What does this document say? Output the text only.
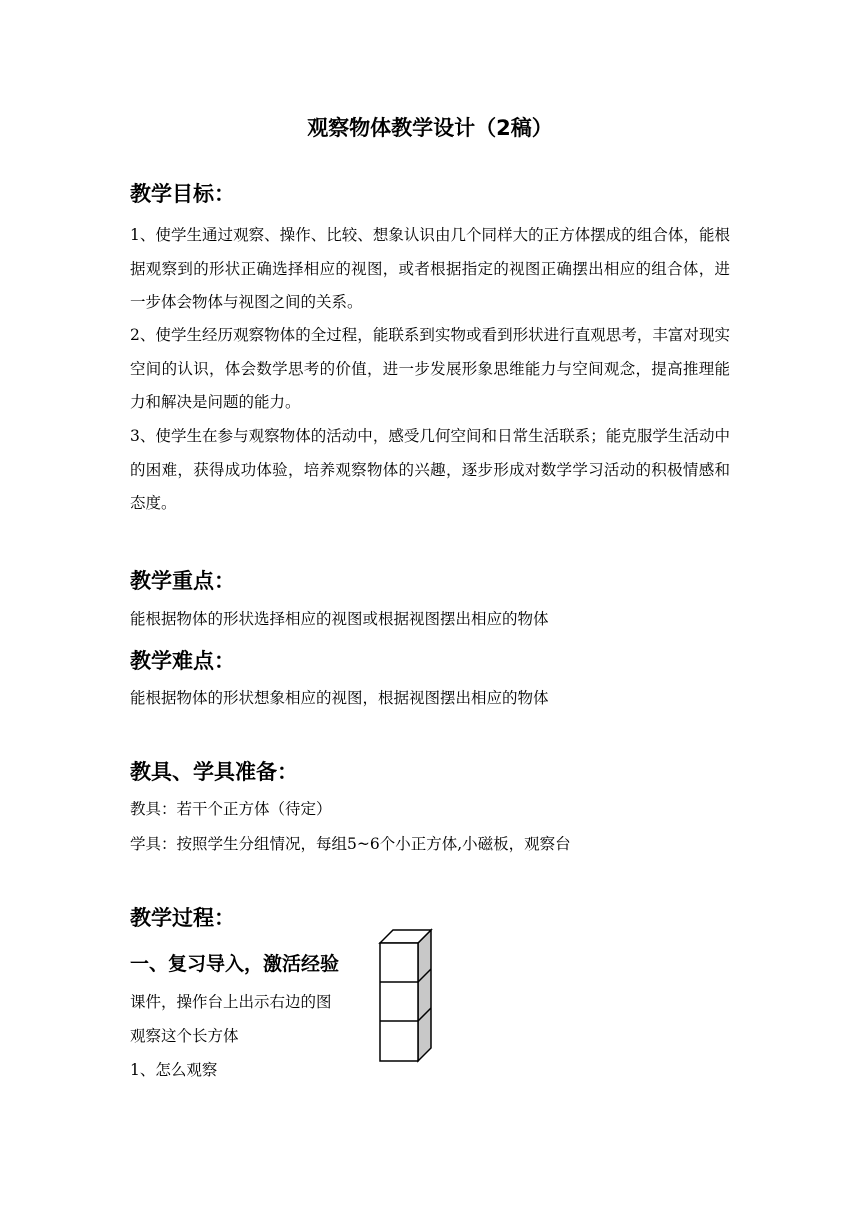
观察物体教学设计（2稿）
教学目标：
1、使学生通过观察、操作、比较、想象认识由几个同样大的正方体摆成的组合体，能根据观察到的形状正确选择相应的视图，或者根据指定的视图正确摆出相应的组合体，进一步体会物体与视图之间的关系。
2、使学生经历观察物体的全过程，能联系到实物或看到形状进行直观思考，丰富对现实空间的认识，体会数学思考的价值，进一步发展形象思维能力与空间观念，提高推理能力和解决是问题的能力。
3、使学生在参与观察物体的活动中，感受几何空间和日常生活联系；能克服学生活动中的困难，获得成功体验，培养观察物体的兴趣，逐步形成对数学学习活动的积极情感和态度。
教学重点：
能根据物体的形状选择相应的视图或根据视图摆出相应的物体
教学难点：
能根据物体的形状想象相应的视图，根据视图摆出相应的物体
教具、学具准备：
教具：若干个正方体（待定）
学具：按照学生分组情况，每组5~6个小正方体,小磁板，观察台
教学过程：
一、复习导入，激活经验
课件，操作台上出示右边的图
观察这个长方体
1、怎么观察
